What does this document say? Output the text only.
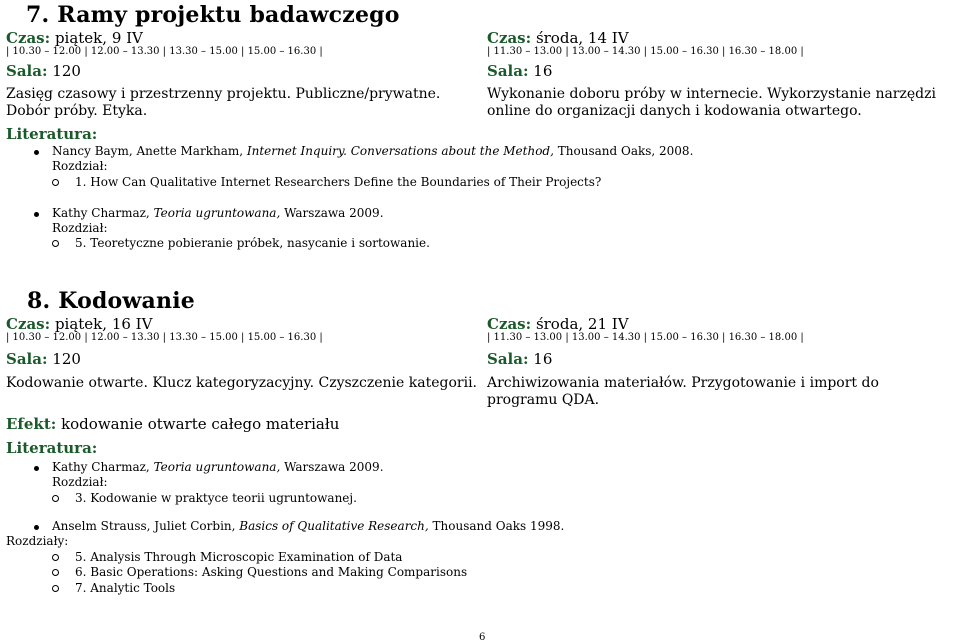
7. Ramy projektu badawczego
Czas: piątek, 9 IV
| 10.30 – 12.00 | 12.00 – 13.30 | 13.30 – 15.00 | 15.00 – 16.30 |
Sala: 120
Zasięg czasowy i przestrzenny projektu. Publiczne/prywatne. Dobór próby. Etyka.
Czas: środa, 14 IV
| 11.30 – 13.00 | 13.00 – 14.30 | 15.00 – 16.30 | 16.30 – 18.00 |
Sala: 16
Wykonanie doboru próby w internecie. Wykorzystanie narzędzi online do organizacji danych i kodowania otwartego.
Literatura:
Nancy Baym, Anette Markham, Internet Inquiry. Conversations about the Method, Thousand Oaks, 2008.
Rozdział:
1. How Can Qualitative Internet Researchers Define the Boundaries of Their Projects?
Kathy Charmaz, Teoria ugruntowana, Warszawa 2009.
Rozdział:
5. Teoretyczne pobieranie próbek, nasycanie i sortowanie.
8. Kodowanie
Czas: piątek, 16 IV
| 10.30 – 12.00 | 12.00 – 13.30 | 13.30 – 15.00 | 15.00 – 16.30 |
Sala: 120
Kodowanie otwarte. Klucz kategoryzacyjny. Czyszczenie kategorii.
Czas: środa, 21 IV
| 11.30 – 13.00 | 13.00 – 14.30 | 15.00 – 16.30 | 16.30 – 18.00 |
Sala: 16
Archiwizowania materiałów. Przygotowanie i import do programu QDA.
Efekt: kodowanie otwarte całego materiału
Literatura:
Kathy Charmaz, Teoria ugruntowana, Warszawa 2009.
Rozdział:
3. Kodowanie w praktyce teorii ugruntowanej.
Anselm Strauss, Juliet Corbin, Basics of Qualitative Research, Thousand Oaks 1998.
Rozdziały:
5. Analysis Through Microscopic Examination of Data
6. Basic Operations: Asking Questions and Making Comparisons
7. Analytic Tools
6
